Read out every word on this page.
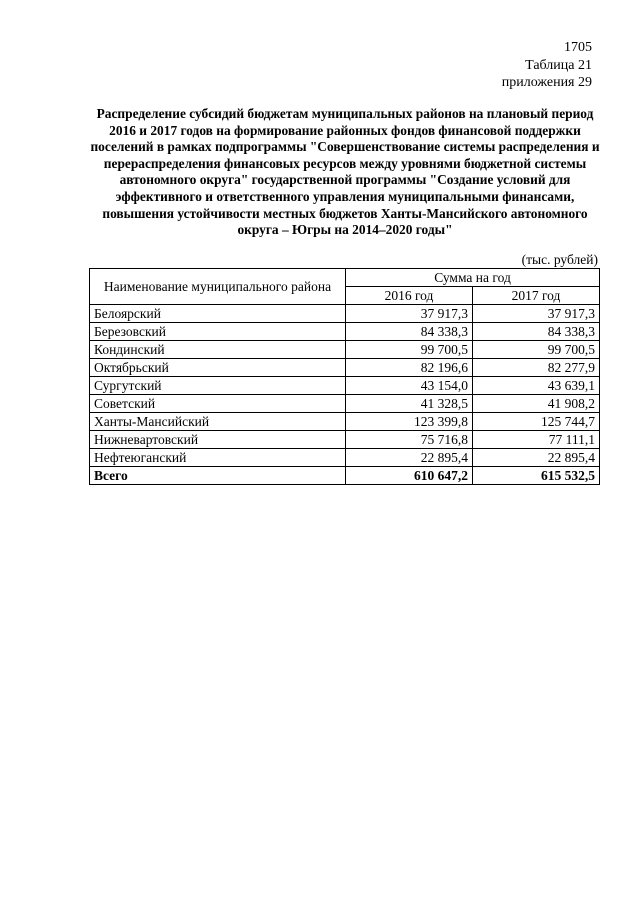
1705
Таблица 21
приложения 29
Распределение субсидий бюджетам муниципальных районов на плановый период 2016 и 2017 годов на формирование районных фондов финансовой поддержки поселений в рамках подпрограммы "Совершенствование системы распределения и перераспределения финансовых ресурсов между уровнями бюджетной системы автономного округа" государственной программы "Создание условий для эффективного и ответственного управления муниципальными финансами, повышения устойчивости местных бюджетов Ханты-Мансийского автономного округа – Югры на 2014–2020 годы"
(тыс. рублей)
Наименование муниципального района	Сумма на год	
	2016 год	2017 год
Белоярский	37 917,3	37 917,3
Березовский	84 338,3	84 338,3
Кондинский	99 700,5	99 700,5
Октябрьский	82 196,6	82 277,9
Сургутский	43 154,0	43 639,1
Советский	41 328,5	41 908,2
Ханты-Мансийский	123 399,8	125 744,7
Нижневартовский	75 716,8	77 111,1
Нефтеюганский	22 895,4	22 895,4
Всего	610 647,2	615 532,5
